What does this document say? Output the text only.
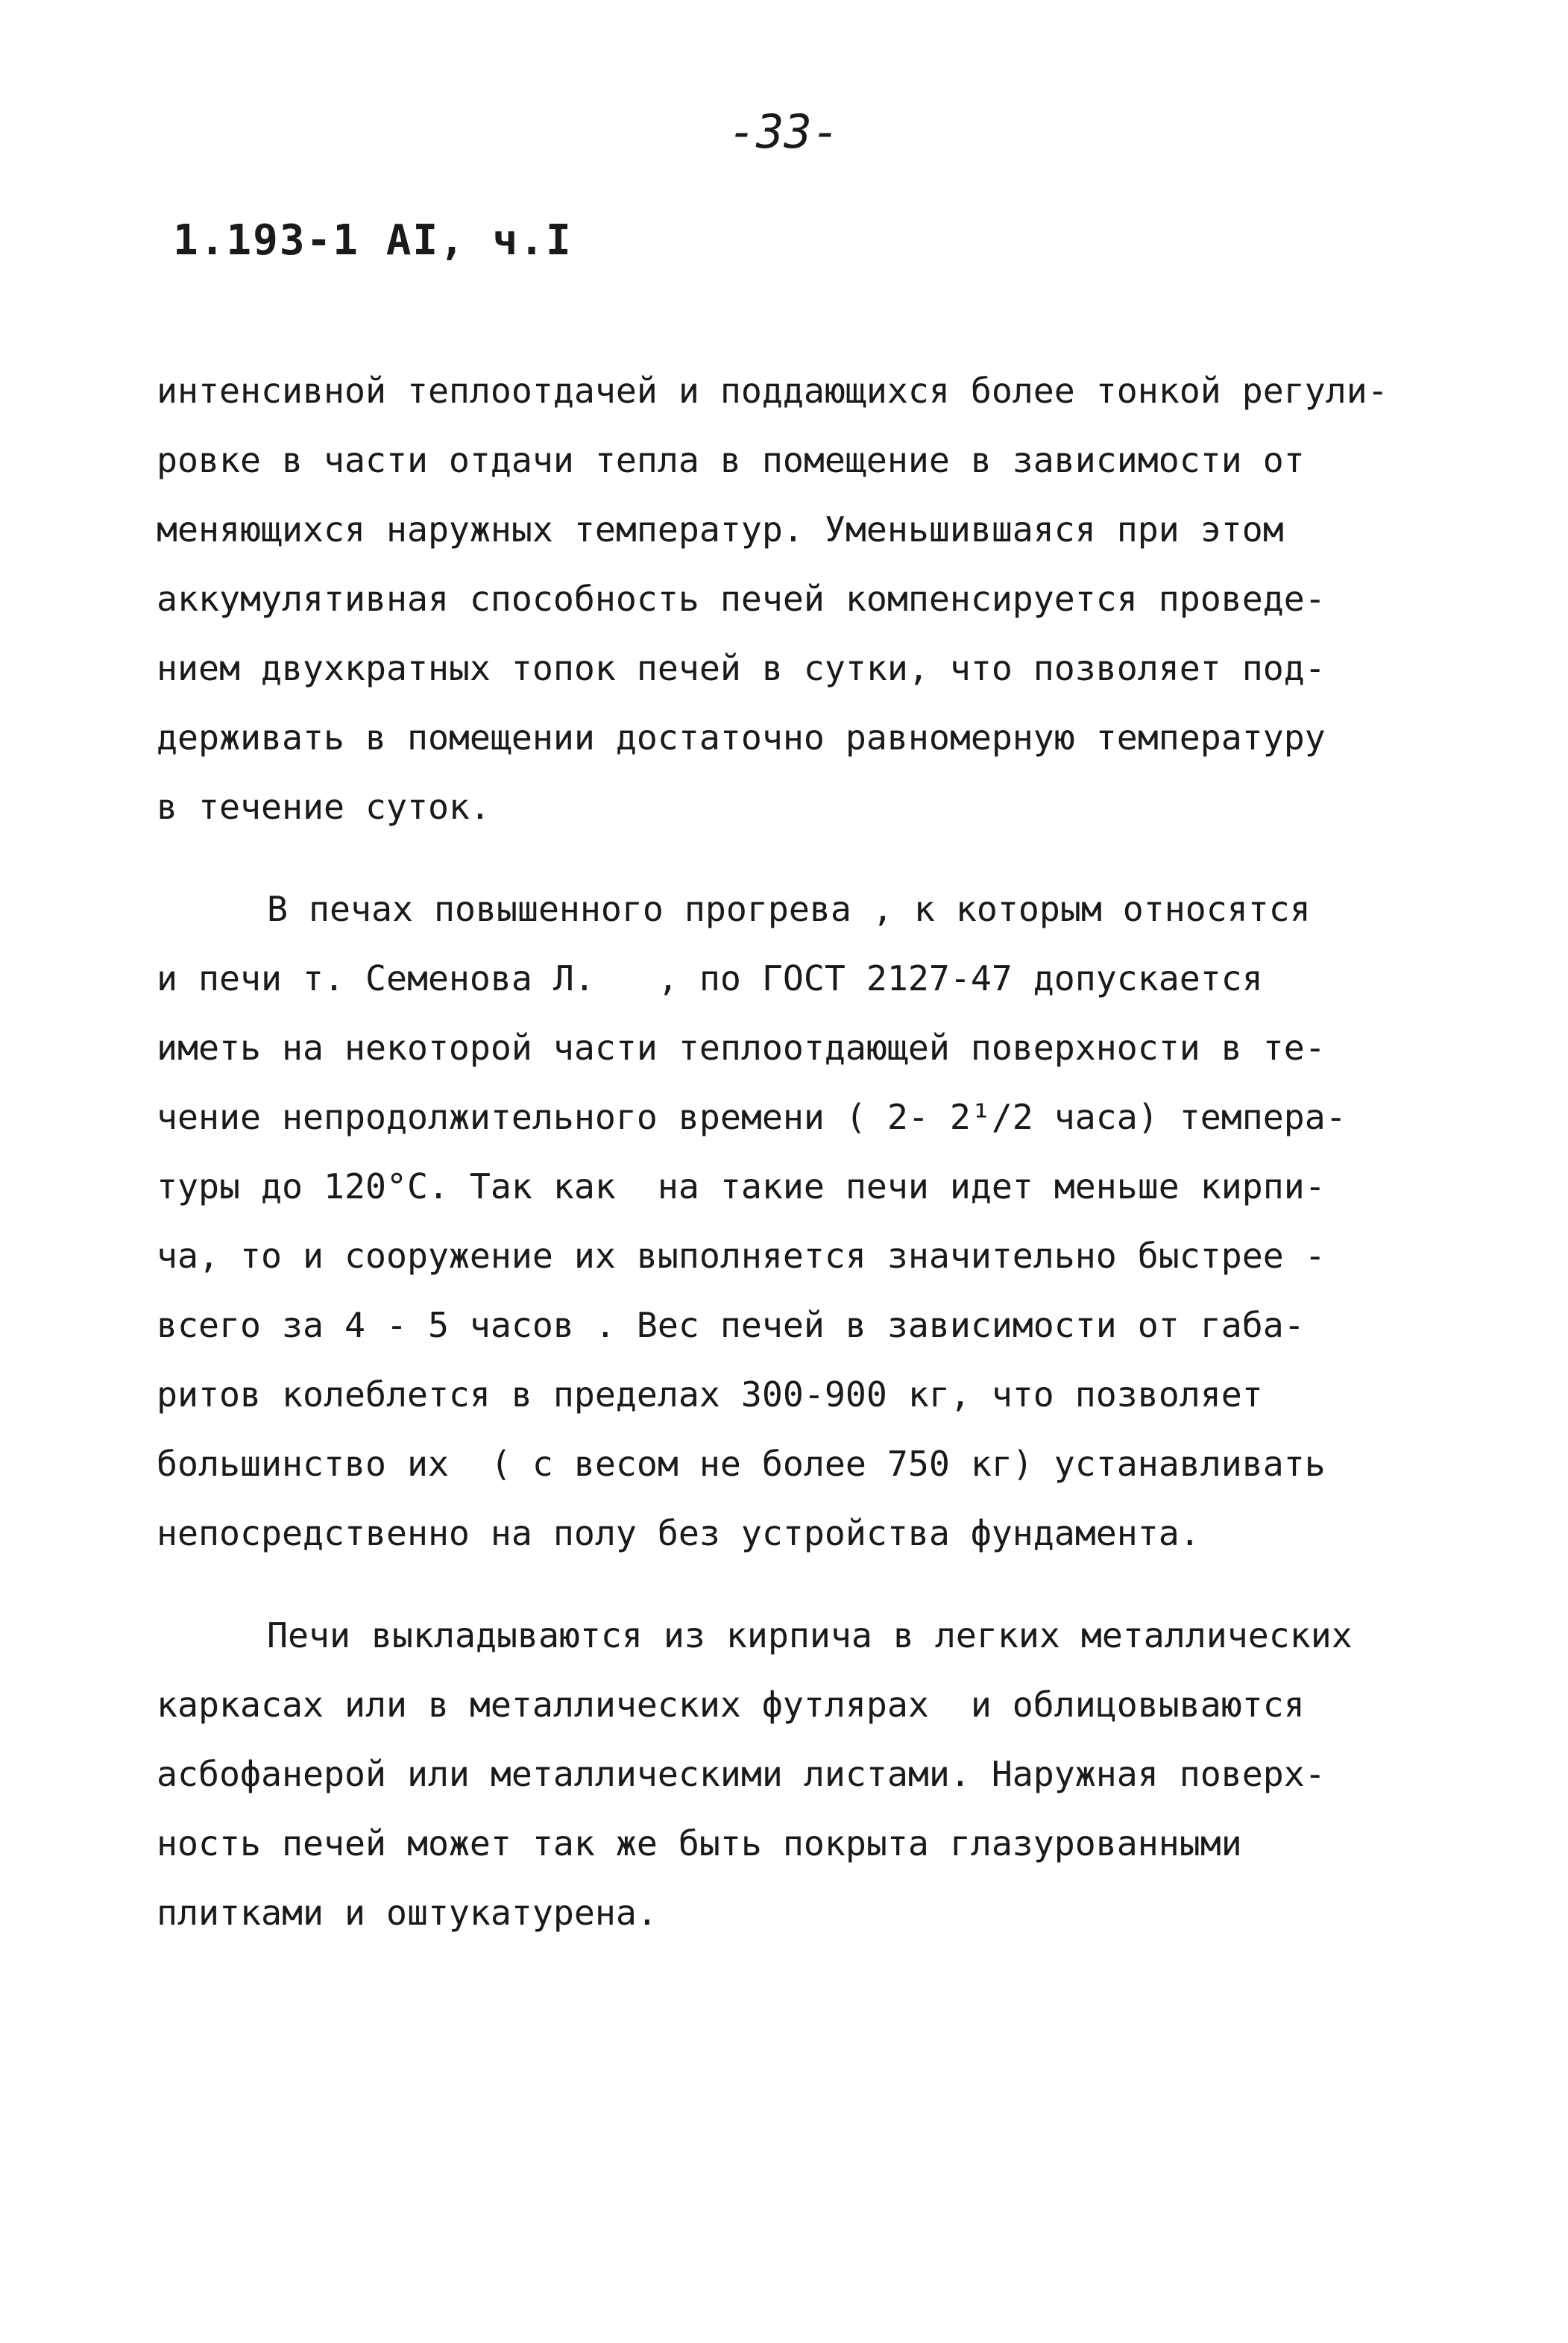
-33-
1.193-1 AI, ч.I
интенсивной теплоотдачей и поддающихся более тонкой регули-
ровке в части отдачи тепла в помещение в зависимости от
меняющихся наружных температур. Уменьшившаяся при этом
аккумулятивная способность печей компенсируется проведе-
нием двухкратных топок печей в сутки, что позволяет под-
держивать в помещении достаточно равномерную температуру
в течение суток.
В печах повышенного прогрева , к которым относятся
и печи т. Семенова Л.   , по ГОСТ 2127-47 допускается
иметь на некоторой части теплоотдающей поверхности в те-
чение непродолжительного времени ( 2- 2¹/2 часа) темпера-
туры до 120°С. Так как  на такие печи идет меньше кирпи-
ча, то и сооружение их выполняется значительно быстрее -
всего за 4 - 5 часов . Вес печей в зависимости от габа-
ритов колеблется в пределах 300-900 кг, что позволяет
большинство их  ( с весом не более 750 кг) устанавливать
непосредственно на полу без устройства фундамента.
Печи выкладываются из кирпича в легких металлических
каркасах или в металлических футлярах  и облицовываются
асбофанерой или металлическими листами. Наружная поверх-
ность печей может так же быть покрыта глазурованными
плитками и оштукатурена.
